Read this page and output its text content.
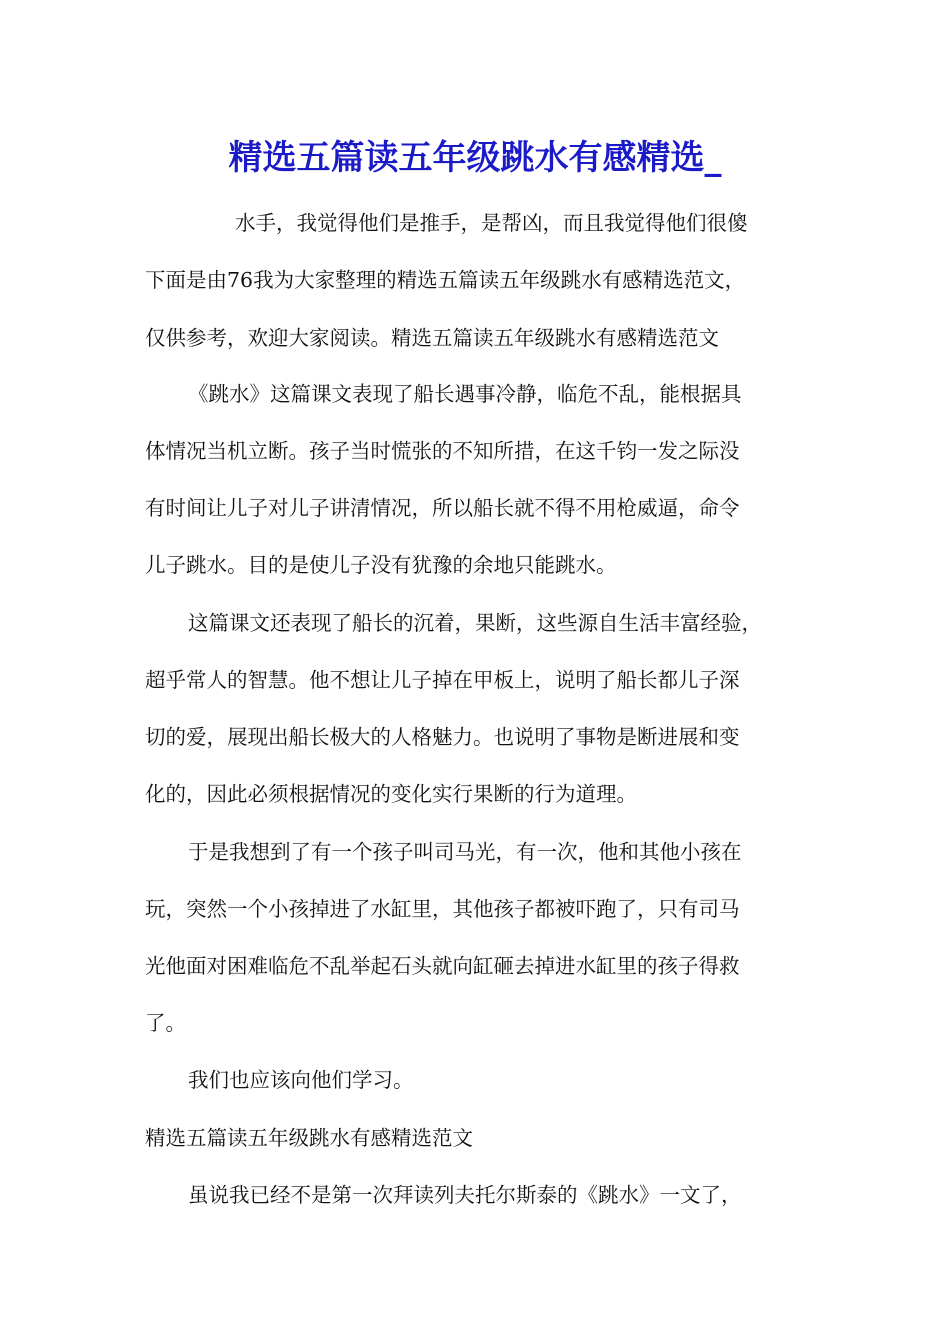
精选五篇读五年级跳水有感精选_
水手，我觉得他们是推手，是帮凶，而且我觉得他们很傻
下面是由76我为大家整理的精选五篇读五年级跳水有感精选范文，
仅供参考，欢迎大家阅读。精选五篇读五年级跳水有感精选范文
《跳水》这篇课文表现了船长遇事冷静，临危不乱，能根据具
体情况当机立断。孩子当时慌张的不知所措，在这千钧一发之际没
有时间让儿子对儿子讲清情况，所以船长就不得不用枪威逼，命令
儿子跳水。目的是使儿子没有犹豫的余地只能跳水。
这篇课文还表现了船长的沉着，果断，这些源自生活丰富经验，
超乎常人的智慧。他不想让儿子掉在甲板上，说明了船长都儿子深
切的爱，展现出船长极大的人格魅力。也说明了事物是断进展和变
化的，因此必须根据情况的变化实行果断的行为道理。
于是我想到了有一个孩子叫司马光，有一次，他和其他小孩在
玩，突然一个小孩掉进了水缸里，其他孩子都被吓跑了，只有司马
光他面对困难临危不乱举起石头就向缸砸去掉进水缸里的孩子得救
了。
我们也应该向他们学习。
精选五篇读五年级跳水有感精选范文
虽说我已经不是第一次拜读列夫托尔斯泰的《跳水》一文了，
